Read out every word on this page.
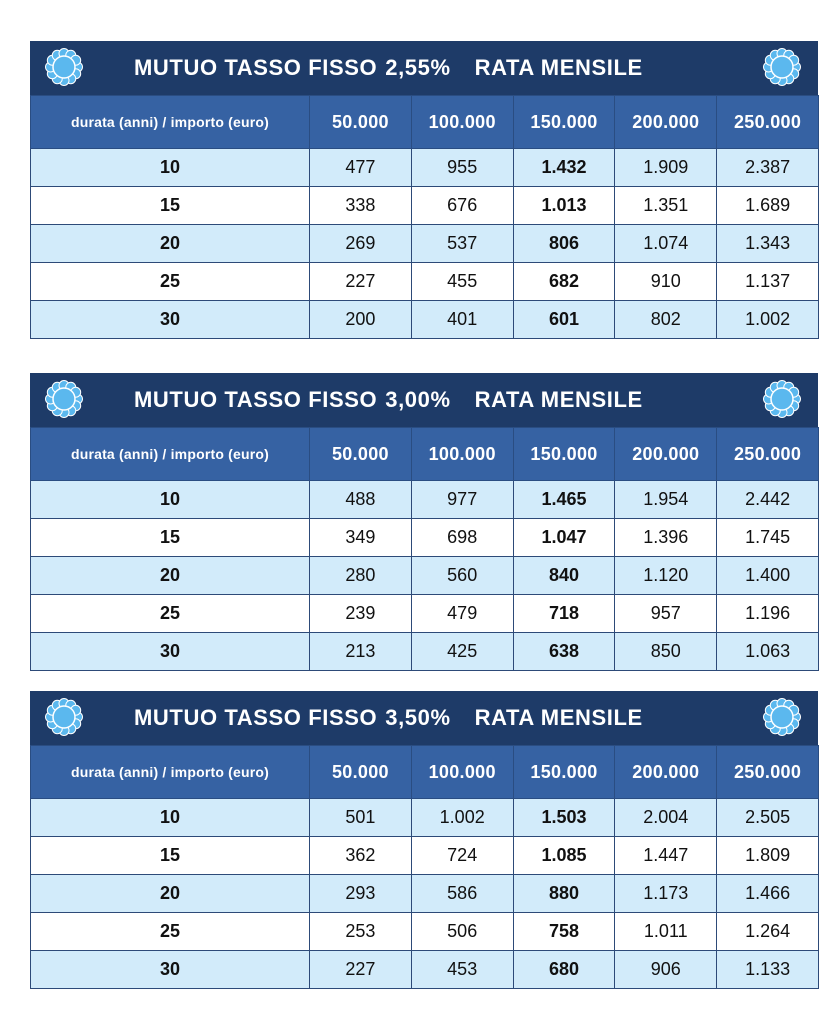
MUTUO TASSO FISSO 2,55% RATA MENSILE
durata (anni) / importo (euro)	50.000	100.000	150.000	200.000	250.000
10	477	955	1.432	1.909	2.387
15	338	676	1.013	1.351	1.689
20	269	537	806	1.074	1.343
25	227	455	682	910	1.137
30	200	401	601	802	1.002
MUTUO TASSO FISSO 3,00% RATA MENSILE
durata (anni) / importo (euro)	50.000	100.000	150.000	200.000	250.000
10	488	977	1.465	1.954	2.442
15	349	698	1.047	1.396	1.745
20	280	560	840	1.120	1.400
25	239	479	718	957	1.196
30	213	425	638	850	1.063
MUTUO TASSO FISSO 3,50% RATA MENSILE
durata (anni) / importo (euro)	50.000	100.000	150.000	200.000	250.000
10	501	1.002	1.503	2.004	2.505
15	362	724	1.085	1.447	1.809
20	293	586	880	1.173	1.466
25	253	506	758	1.011	1.264
30	227	453	680	906	1.133
